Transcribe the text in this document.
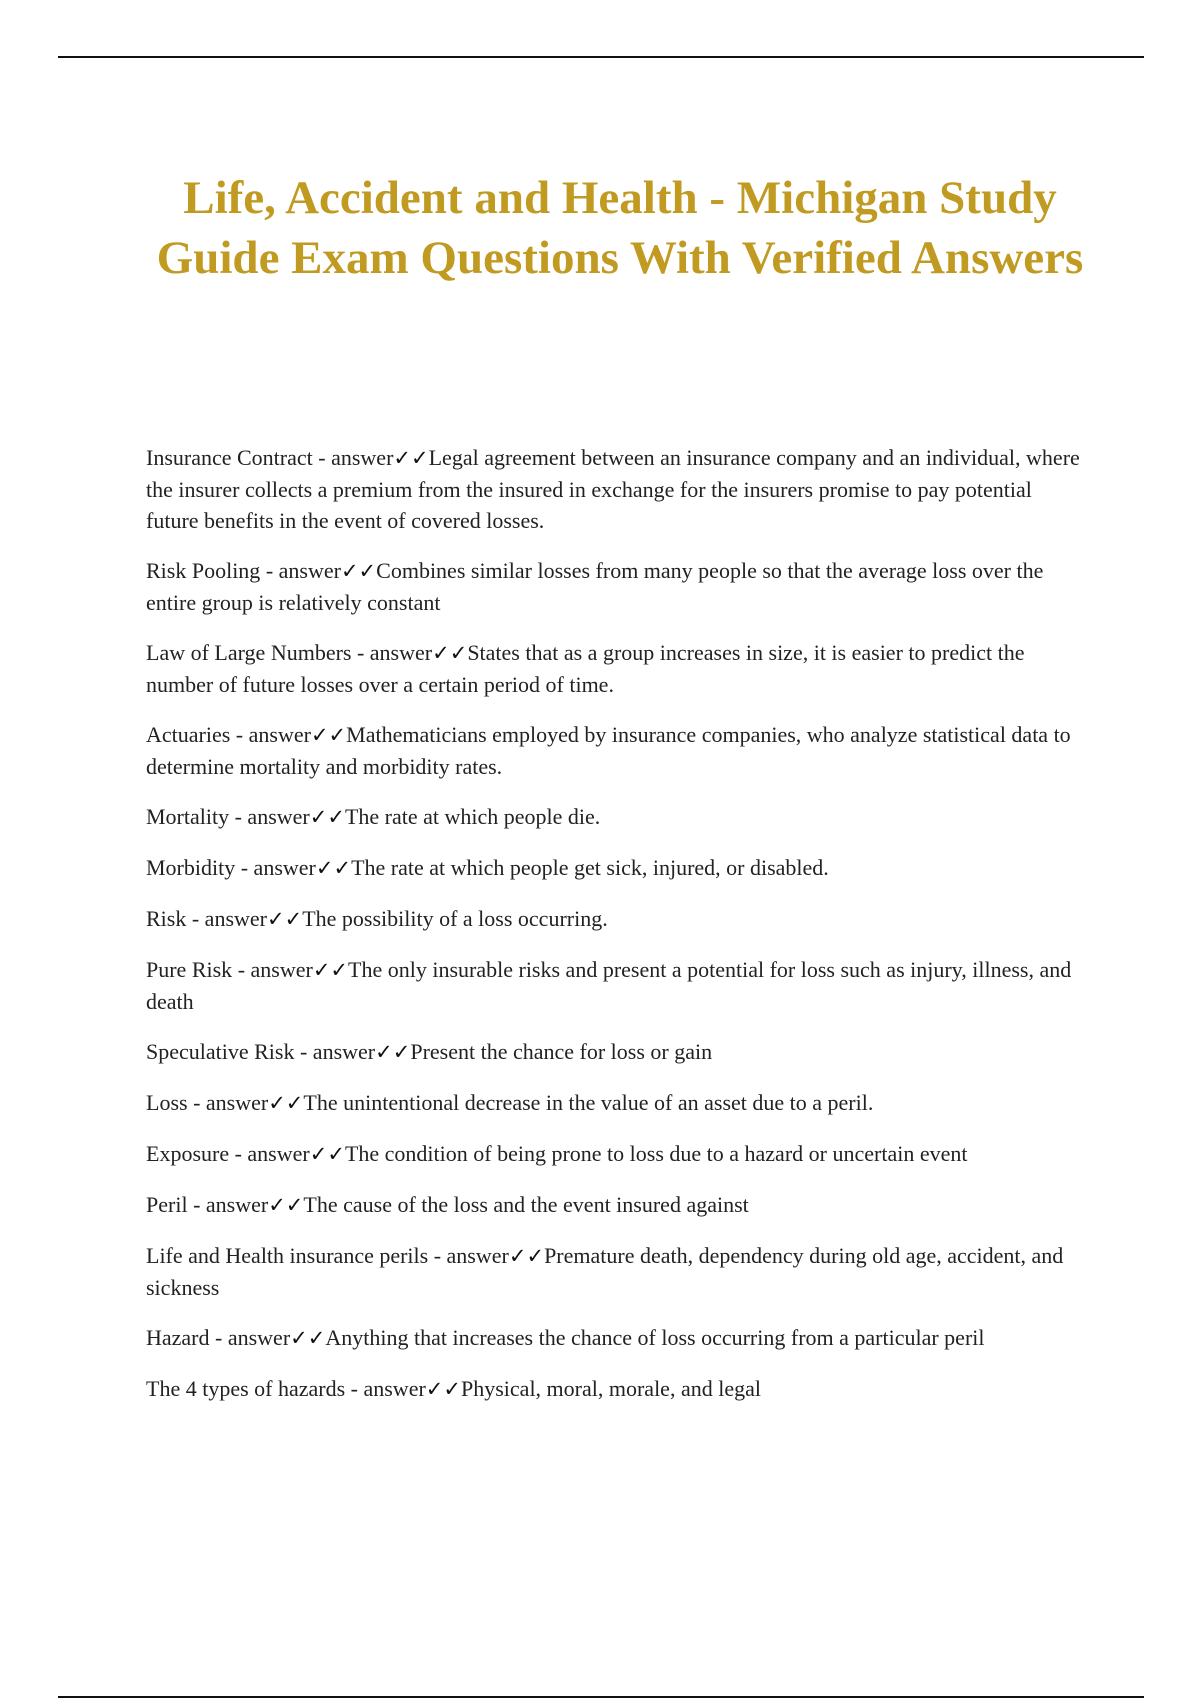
Life, Accident and Health - Michigan Study Guide Exam Questions With Verified Answers
Insurance Contract - answer✓✓Legal agreement between an insurance company and an individual, where the insurer collects a premium from the insured in exchange for the insurers promise to pay potential future benefits in the event of covered losses.
Risk Pooling - answer✓✓Combines similar losses from many people so that the average loss over the entire group is relatively constant
Law of Large Numbers - answer✓✓States that as a group increases in size, it is easier to predict the number of future losses over a certain period of time.
Actuaries - answer✓✓Mathematicians employed by insurance companies, who analyze statistical data to determine mortality and morbidity rates.
Mortality - answer✓✓The rate at which people die.
Morbidity - answer✓✓The rate at which people get sick, injured, or disabled.
Risk - answer✓✓The possibility of a loss occurring.
Pure Risk - answer✓✓The only insurable risks and present a potential for loss such as injury, illness, and death
Speculative Risk - answer✓✓Present the chance for loss or gain
Loss - answer✓✓The unintentional decrease in the value of an asset due to a peril.
Exposure - answer✓✓The condition of being prone to loss due to a hazard or uncertain event
Peril - answer✓✓The cause of the loss and the event insured against
Life and Health insurance perils - answer✓✓Premature death, dependency during old age, accident, and sickness
Hazard - answer✓✓Anything that increases the chance of loss occurring from a particular peril
The 4 types of hazards - answer✓✓Physical, moral, morale, and legal
